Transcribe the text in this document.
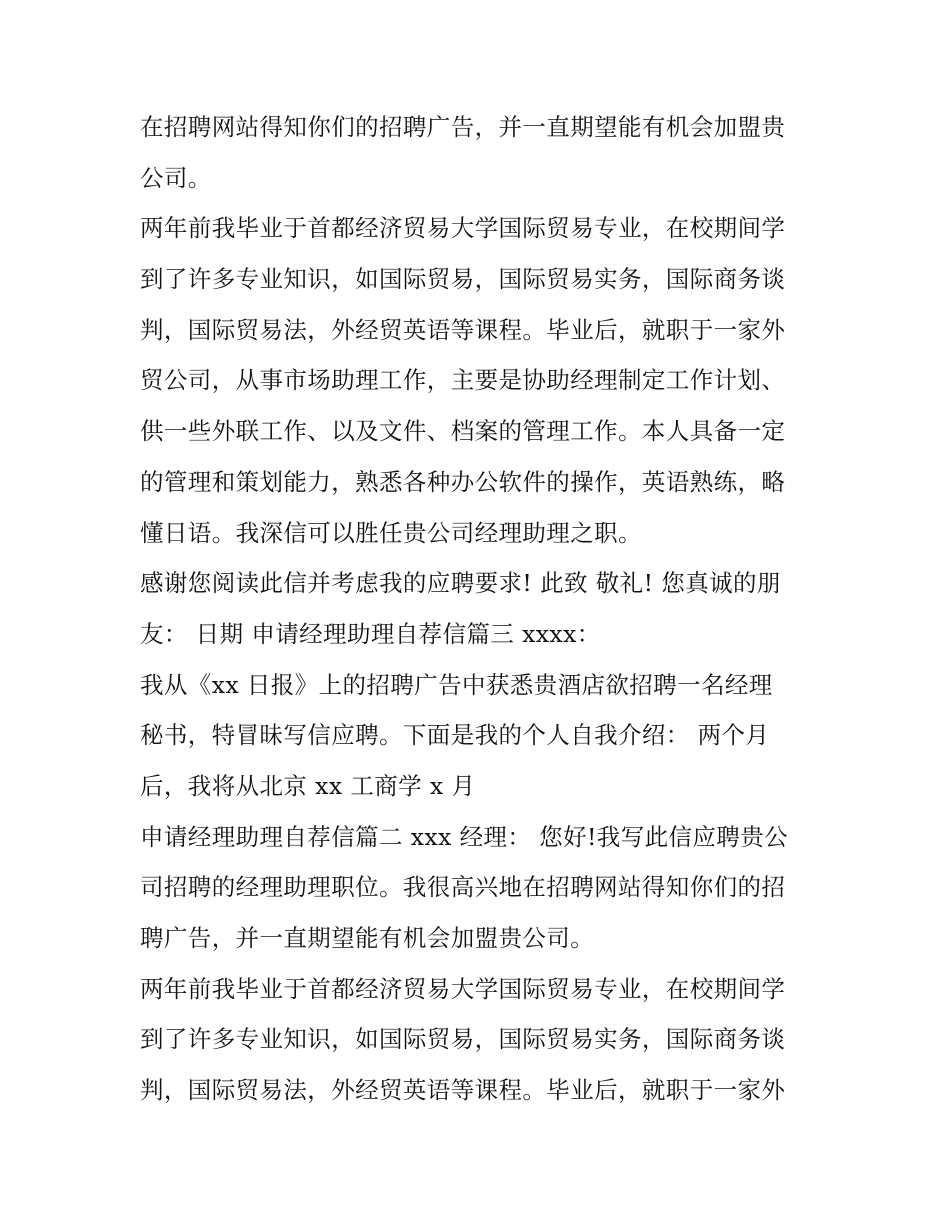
在招聘网站得知你们的招聘广告，并一直期望能有机会加盟贵
公司。
两年前我毕业于首都经济贸易大学国际贸易专业，在校期间学
到了许多专业知识，如国际贸易，国际贸易实务，国际商务谈
判，国际贸易法，外经贸英语等课程。毕业后，就职于一家外
贸公司，从事市场助理工作，主要是协助经理制定工作计划、
供一些外联工作、以及文件、档案的管理工作。本人具备一定
的管理和策划能力，熟悉各种办公软件的操作，英语熟练，略
懂日语。我深信可以胜任贵公司经理助理之职。
感谢您阅读此信并考虑我的应聘要求! 此致 敬礼! 您真诚的朋
友： 日期 申请经理助理自荐信篇三 xxxx：
我从《xx 日报》上的招聘广告中获悉贵酒店欲招聘一名经理
秘书，特冒昧写信应聘。下面是我的个人自我介绍： 两个月
后，我将从北京 xx 工商学 x 月
申请经理助理自荐信篇二 xxx 经理： 您好!我写此信应聘贵公
司招聘的经理助理职位。我很高兴地在招聘网站得知你们的招
聘广告，并一直期望能有机会加盟贵公司。
两年前我毕业于首都经济贸易大学国际贸易专业，在校期间学
到了许多专业知识，如国际贸易，国际贸易实务，国际商务谈
判，国际贸易法，外经贸英语等课程。毕业后，就职于一家外
